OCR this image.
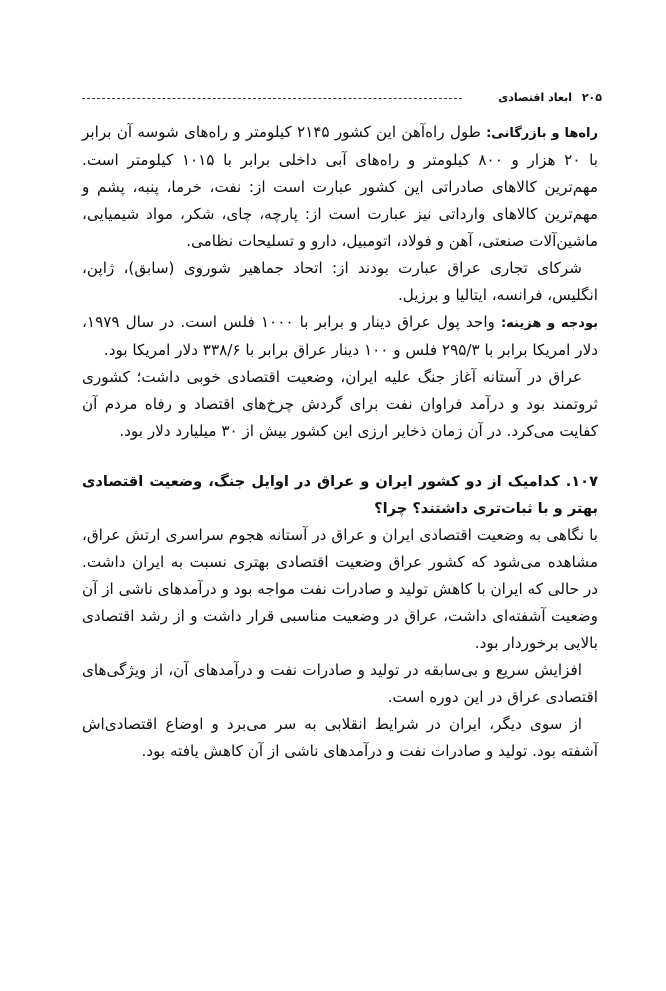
۲۰۵
ابعاد اقتصادی

راه‌ها و بازرگانی: طول راه‌آهن این کشور ۲۱۴۵ کیلومتر و راه‌های شوسه آن برابر با ۲۰ هزار و ۸۰۰ کیلومتر و راه‌های آبی داخلی برابر با ۱۰۱۵ کیلومتر است. مهم‌ترین کالاهای صادراتی این کشور عبارت است از: نفت، خرما، پنبه، پشم و مهم‌ترین کالاهای وارداتی نیز عبارت است از: پارچه، چای، شکر، مواد شیمیایی، ماشین‌آلات صنعتی، آهن و فولاد، اتومبیل، دارو و تسلیحات نظامی.

شرکای تجاری عراق عبارت بودند از: اتحاد جماهیر شوروی (سابق)، ژاپن، انگلیس، فرانسه، ایتالیا و برزیل.

بودجه و هزینه: واحد پول عراق دینار و برابر با ۱۰۰۰ فلس است. در سال ۱۹۷۹، دلار امریکا برابر با ۲۹۵/۳ فلس و ۱۰۰ دینار عراق برابر با ۳۳۸/۶ دلار امریکا بود.

عراق در آستانه آغاز جنگ علیه ایران، وضعیت اقتصادی خوبی داشت؛ کشوری ثروتمند بود و درآمد فراوان نفت برای گردش چرخ‌های اقتصاد و رفاه مردم آن کفایت می‌کرد. در آن زمان ذخایر ارزی این کشور بیش از ۳۰ میلیارد دلار بود.

۱۰۷. کدامیک از دو کشور ایران و عراق در اوایل جنگ، وضعیت اقتصادی بهتر و با ثبات‌تری داشتند؟ چرا؟

با نگاهی به وضعیت اقتصادی ایران و عراق در آستانه هجوم سراسری ارتش عراق، مشاهده می‌شود که کشور عراق وضعیت اقتصادی بهتری نسبت به ایران داشت. در حالی که ایران با کاهش تولید و صادرات نفت مواجه بود و درآمدهای ناشی از آن وضعیت آشفته‌ای داشت، عراق در وضعیت مناسبی قرار داشت و از رشد اقتصادی بالایی برخوردار بود.

افزایش سریع و بی‌سابقه در تولید و صادرات نفت و درآمدهای آن، از ویژگی‌های اقتصادی عراق در این دوره است.

از سوی دیگر، ایران در شرایط انقلابی به سر می‌برد و اوضاع اقتصادی‌اش آشفته بود. تولید و صادرات نفت و درآمدهای ناشی از آن کاهش یافته بود.
